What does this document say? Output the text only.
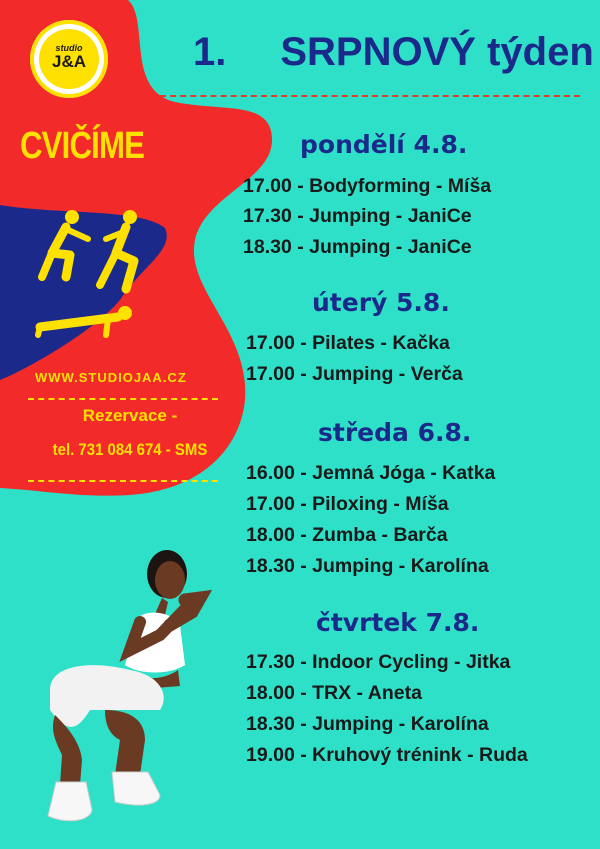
studio
J&A	1. SRPNOVÝ týden
CVIČÍME
WWW.STUDIOJAA.CZ
Rezervace -
tel. 731 084 674 - SMS
pondělí 4.8.
17.00 - Bodyforming - Míša
17.30 - Jumping - JaniCe
18.30 - Jumping - JaniCe
úterý 5.8.
17.00 - Pilates - Kačka
17.00 - Jumping - Verča
středa 6.8.
16.00 - Jemná Jóga - Katka
17.00 - Piloxing - Míša
18.00 - Zumba - Barča
18.30 - Jumping - Karolína
čtvrtek 7.8.
17.30 - Indoor Cycling - Jitka
18.00 - TRX - Aneta
18.30 - Jumping - Karolína
19.00 - Kruhový trénink - Ruda
